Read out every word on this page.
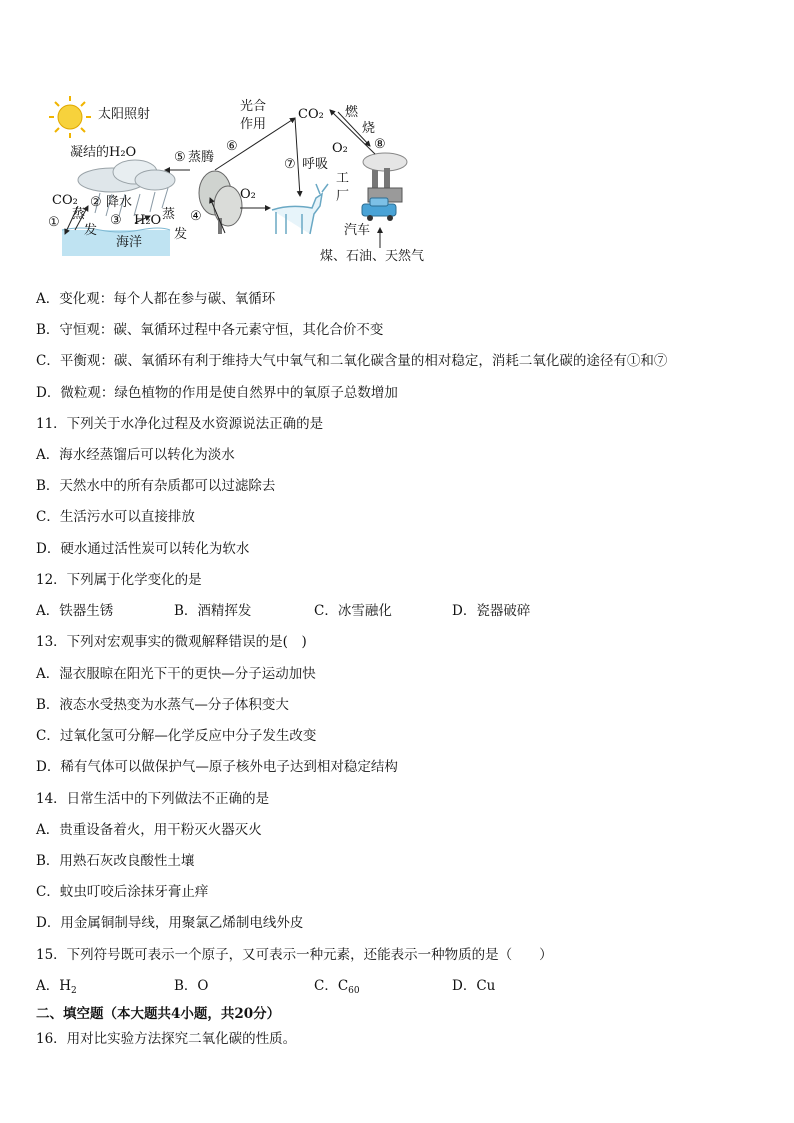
太阳照射
凝结的H₂O	⑤ 蒸腾
光合
作用
⑥
CO₂ 燃
烧
O₂ ⑧
⑦ 呼吸
工
厂
O₂
CO₂ ② 降水
①
蒸
发
③ H₂O 蒸
发
④
海洋
汽车
煤、石油、天然气
A．变化观：每个人都在参与碳、氧循环
B．守恒观：碳、氧循环过程中各元素守恒，其化合价不变
C．平衡观：碳、氧循环有利于维持大气中氧气和二氧化碳含量的相对稳定，消耗二氧化碳的途径有①和⑦
D．微粒观：绿色植物的作用是使自然界中的氧原子总数增加
11．下列关于水净化过程及水资源说法正确的是
A．海水经蒸馏后可以转化为淡水
B．天然水中的所有杂质都可以过滤除去
C．生活污水可以直接排放
D．硬水通过活性炭可以转化为软水
12．下列属于化学变化的是
A．铁器生锈	B．酒精挥发	C．冰雪融化	D．瓷器破碎
13．下列对宏观事实的微观解释错误的是(　)
A．湿衣服晾在阳光下干的更快—分子运动加快
B．液态水受热变为水蒸气—分子体积变大
C．过氧化氢可分解—化学反应中分子发生改变
D．稀有气体可以做保护气—原子核外电子达到相对稳定结构
14．日常生活中的下列做法不正确的是
A．贵重设备着火，用干粉灭火器灭火
B．用熟石灰改良酸性土壤
C．蚊虫叮咬后涂抹牙膏止痒
D．用金属铜制导线，用聚氯乙烯制电线外皮
15．下列符号既可表示一个原子，又可表示一种元素，还能表示一种物质的是（　　）
A．$H_2$	B．O	C．$C_{60}$	D．Cu
二、填空题（本大题共4小题，共20分）
16．用对比实验方法探究二氧化碳的性质。
